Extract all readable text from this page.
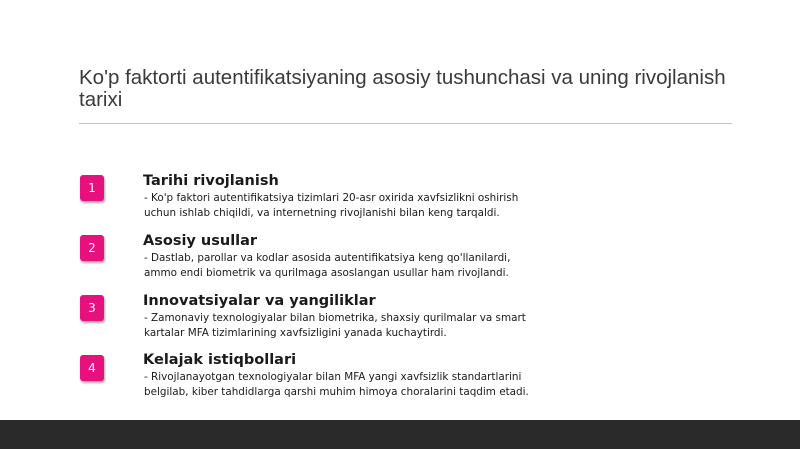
Ko'p faktorti autentifikatsiyaning asosiy tushunchasi va uning rivojlanish tarixi
1	Tarihi rivojlanish
- Ko'p faktori autentifikatsiya tizimlari 20-asr oxirida xavfsizlikni oshirish
uchun ishlab chiqildi, va internetning rivojlanishi bilan keng tarqaldi.
2	Asosiy usullar
- Dastlab, parollar va kodlar asosida autentifikatsiya keng qo'llanilardi,
ammo endi biometrik va qurilmaga asoslangan usullar ham rivojlandi.
3	Innovatsiyalar va yangiliklar
- Zamonaviy texnologiyalar bilan biometrika, shaxsiy qurilmalar va smart
kartalar MFA tizimlarining xavfsizligini yanada kuchaytirdi.
4	Kelajak istiqbollari
- Rivojlanayotgan texnologiyalar bilan MFA yangi xavfsizlik standartlarini
belgilab, kiber tahdidlarga qarshi muhim himoya choralarini taqdim etadi.
